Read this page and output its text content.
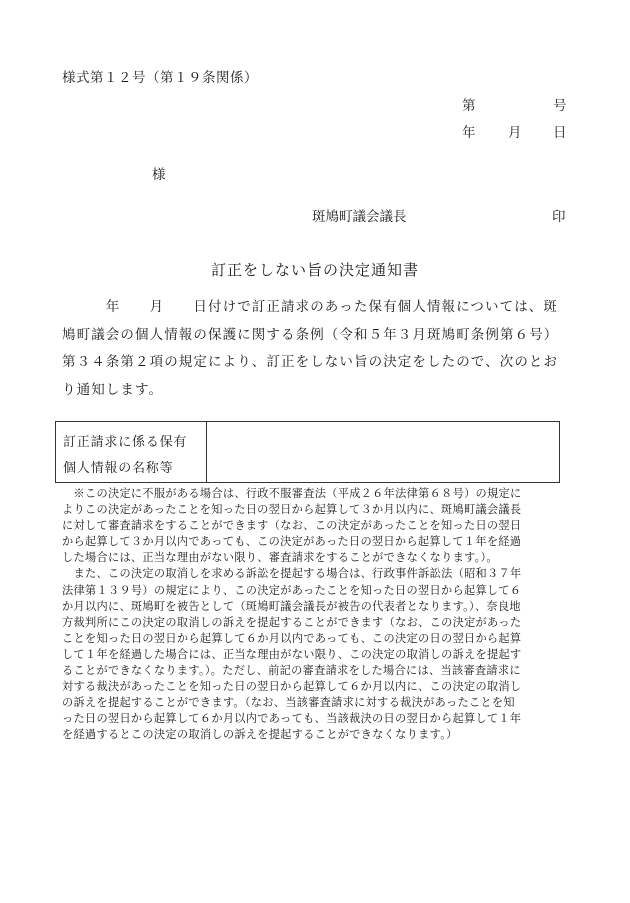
様式第１２号（第１９条関係）
第	号
年 月 日
様
斑鳩町議会議長	印
訂正をしない旨の決定通知書
　　　年　　月　　日付けで訂正請求のあった保有個人情報については、斑
鳩町議会の個人情報の保護に関する条例（令和５年３月斑鳩町条例第６号）
第３４条第２項の規定により、訂正をしない旨の決定をしたので、次のとお
り通知します。
訂正請求に係る保有
個人情報の名称等
　※この決定に不服がある場合は、行政不服審査法（平成２６年法律第６８号）の規定に
よりこの決定があったことを知った日の翌日から起算して３か月以内に、斑鳩町議会議長
に対して審査請求をすることができます（なお、この決定があったことを知った日の翌日
から起算して３か月以内であっても、この決定があった日の翌日から起算して１年を経過
した場合には、正当な理由がない限り、審査請求をすることができなくなります。）。
　また、この決定の取消しを求める訴訟を提起する場合は、行政事件訴訟法（昭和３７年
法律第１３９号）の規定により、この決定があったことを知った日の翌日から起算して６
か月以内に、斑鳩町を被告として（斑鳩町議会議長が被告の代表者となります。）、奈良地
方裁判所にこの決定の取消しの訴えを提起することができます（なお、この決定があった
ことを知った日の翌日から起算して６か月以内であっても、この決定の日の翌日から起算
して１年を経過した場合には、正当な理由がない限り、この決定の取消しの訴えを提起す
ることができなくなります。）。ただし、前記の審査請求をした場合には、当該審査請求に
対する裁決があったことを知った日の翌日から起算して６か月以内に、この決定の取消し
の訴えを提起することができます。（なお、当該審査請求に対する裁決があったことを知
った日の翌日から起算して６か月以内であっても、当該裁決の日の翌日から起算して１年
を経過するとこの決定の取消しの訴えを提起することができなくなります。）
